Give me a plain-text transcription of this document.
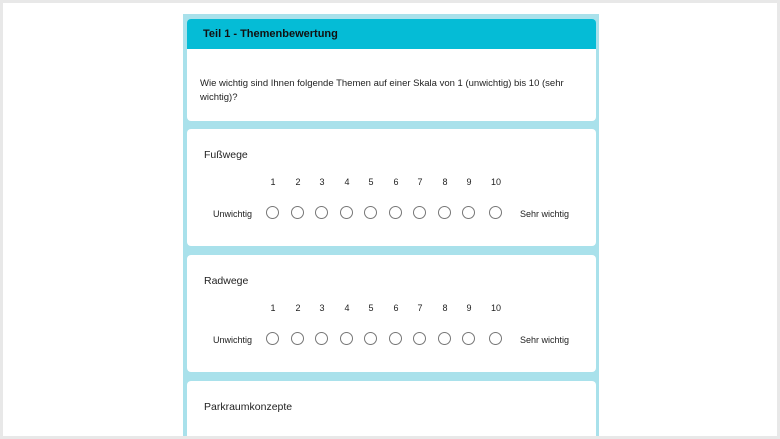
Teil 1 - Themenbewertung
Wie wichtig sind Ihnen folgende Themen auf einer Skala von 1 (unwichtig) bis 10 (sehr wichtig)?
Fußwege
1	2	3	4	5	6	7	8	9	10
Unwichtig	Sehr wichtig
Radwege
1	2	3	4	5	6	7	8	9	10
Unwichtig	Sehr wichtig
Parkraumkonzepte
